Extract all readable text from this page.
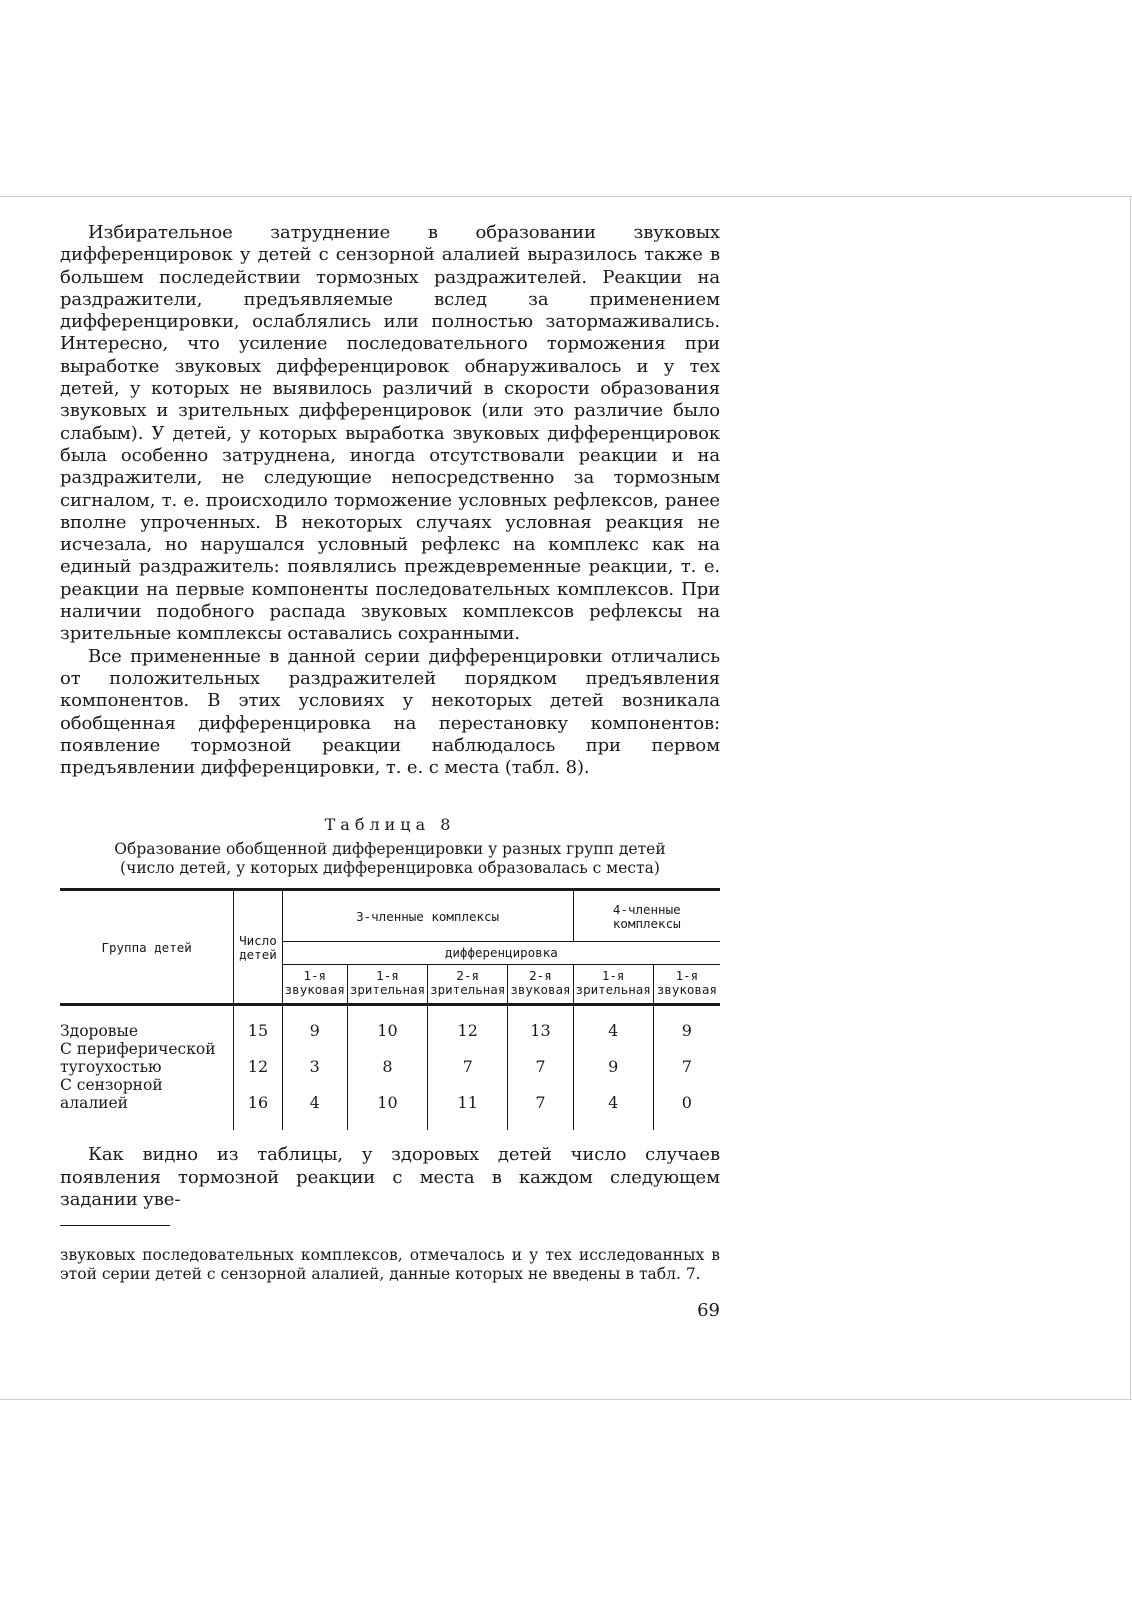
Избирательное затруднение в образовании звуковых дифференцировок у детей с сензорной алалией выразилось также в большем последействии тормозных раздражителей. Реакции на раздражители, предъявляемые вслед за применением дифференцировки, ослаблялись или полностью затормаживались. Интересно, что усиление последовательного торможения при выработке звуковых дифференцировок обнаруживалось и у тех детей, у которых не выявилось различий в скорости образования звуковых и зрительных дифференцировок (или это различие было слабым). У детей, у которых выработка звуковых дифференцировок была особенно затруднена, иногда отсутствовали реакции и на раздражители, не следующие непосредственно за тормозным сигналом, т. е. происходило торможение условных рефлексов, ранее вполне упроченных. В некоторых случаях условная реакция не исчезала, но нарушался условный рефлекс на комплекс как на единый раздражитель: появлялись преждевременные реакции, т. е. реакции на первые компоненты последовательных комплексов. При наличии подобного распада звуковых комплексов рефлексы на зрительные комплексы оставались сохранными.

Все примененные в данной серии дифференцировки отличались от положительных раздражителей порядком предъявления компонентов. В этих условиях у некоторых детей возникала обобщенная дифференцировка на перестановку компонентов: появление тормозной реакции наблюдалось при первом предъявлении дифференцировки, т. е. с места (табл. 8).

Таблица 8
Образование обобщенной дифференцировки у разных групп детей
(число детей, у которых дифференцировка образовалась с места)
Группа детей	Число детей	3-членные комплексы				4-членные комплексы	
		дифференцировка					
		1-я звуковая	1-я зрительная	2-я зрительная	2-я звуковая	1-я зрительная	1-я звуковая
Здоровые	15	9	10	12	13	4	9
С периферической тугоухостью	12	3	8	7	7	9	7
С сензорной алалией	16	4	10	11	7	4	0

Как видно из таблицы, у здоровых детей число случаев появления тормозной реакции с места в каждом следующем задании уве-

звуковых последовательных комплексов, отмечалось и у тех исследованных в этой серии детей с сензорной алалией, данные которых не введены в табл. 7.
69
